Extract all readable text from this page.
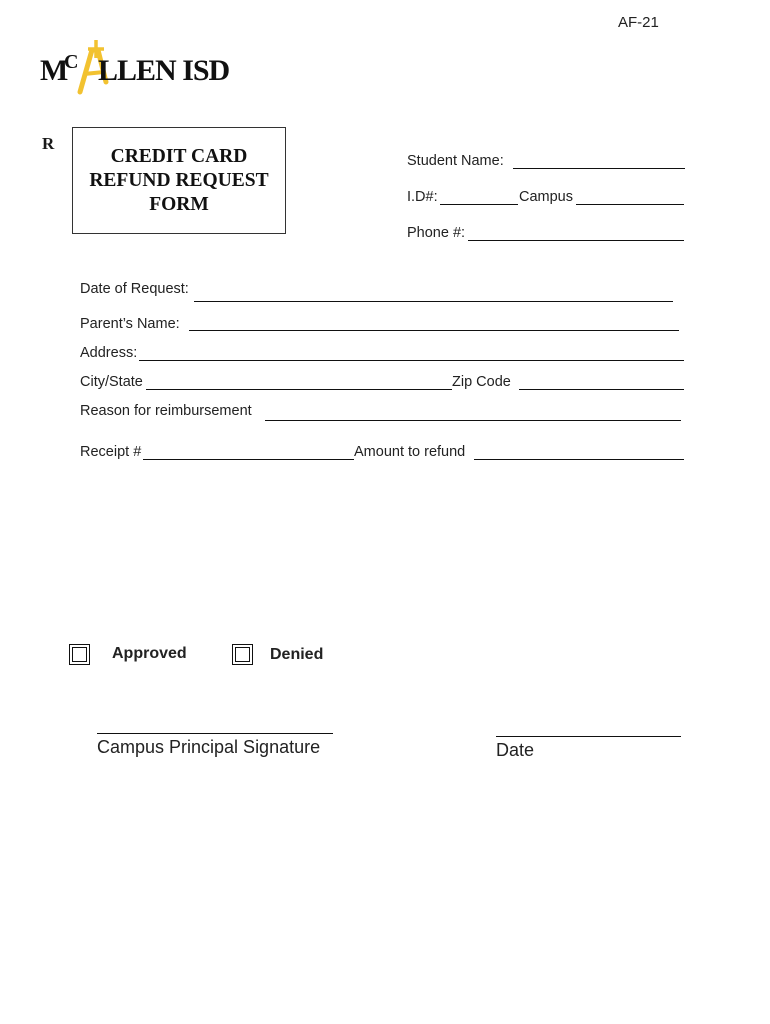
AF-21
M
C LLEN ISD
R
CREDIT CARD
REFUND REQUEST
FORM
Student Name:
I.D#:	Campus
Phone #:
Date of Request:
Parent’s Name:
Address:
City/State	Zip Code
Reason for reimbursement
Receipt #	Amount to refund
Approved	Denied
Campus Principal Signature	Date
